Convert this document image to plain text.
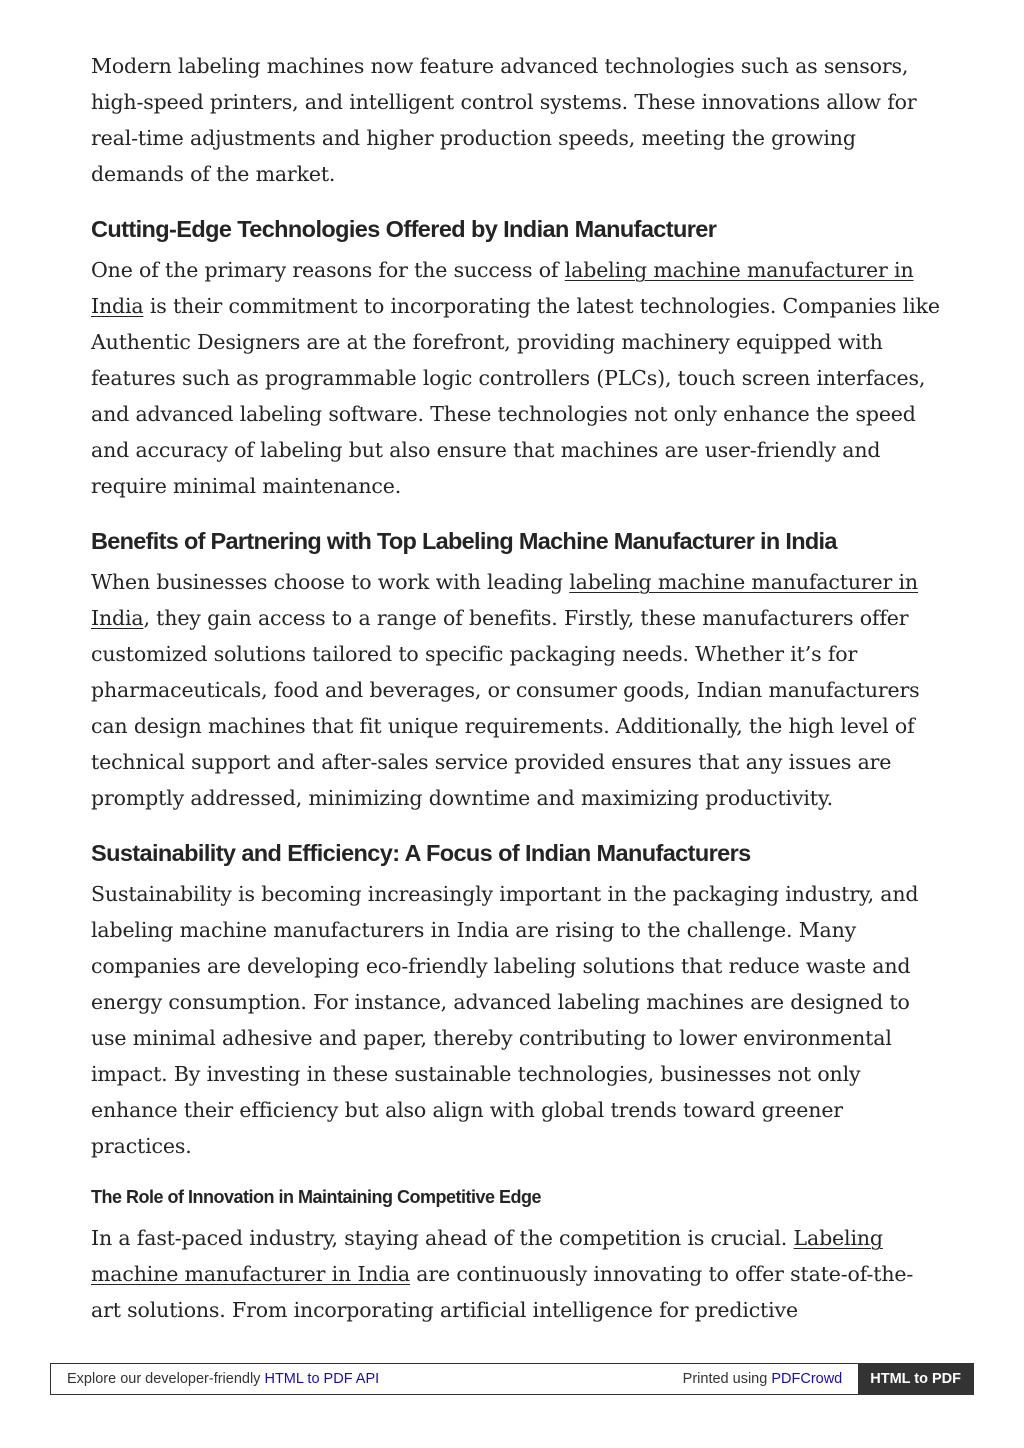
Modern labeling machines now feature advanced technologies such as sensors, high-speed printers, and intelligent control systems. These innovations allow for real-time adjustments and higher production speeds, meeting the growing demands of the market.

Cutting-Edge Technologies Offered by Indian Manufacturer

One of the primary reasons for the success of labeling machine manufacturer in India is their commitment to incorporating the latest technologies. Companies like Authentic Designers are at the forefront, providing machinery equipped with features such as programmable logic controllers (PLCs), touch screen interfaces, and advanced labeling software. These technologies not only enhance the speed and accuracy of labeling but also ensure that machines are user-friendly and require minimal maintenance.

Benefits of Partnering with Top Labeling Machine Manufacturer in India

When businesses choose to work with leading labeling machine manufacturer in India, they gain access to a range of benefits. Firstly, these manufacturers offer customized solutions tailored to specific packaging needs. Whether it’s for pharmaceuticals, food and beverages, or consumer goods, Indian manufacturers can design machines that fit unique requirements. Additionally, the high level of technical support and after-sales service provided ensures that any issues are promptly addressed, minimizing downtime and maximizing productivity.

Sustainability and Efficiency: A Focus of Indian Manufacturers

Sustainability is becoming increasingly important in the packaging industry, and labeling machine manufacturers in India are rising to the challenge. Many companies are developing eco-friendly labeling solutions that reduce waste and energy consumption. For instance, advanced labeling machines are designed to use minimal adhesive and paper, thereby contributing to lower environmental impact. By investing in these sustainable technologies, businesses not only enhance their efficiency but also align with global trends toward greener practices.

The Role of Innovation in Maintaining Competitive Edge

In a fast-paced industry, staying ahead of the competition is crucial. Labeling machine manufacturer in India are continuously innovating to offer state-of-the-art solutions. From incorporating artificial intelligence for predictive

Explore our developer-friendly HTML to PDF API	Printed using PDFCrowd	HTML to PDF
